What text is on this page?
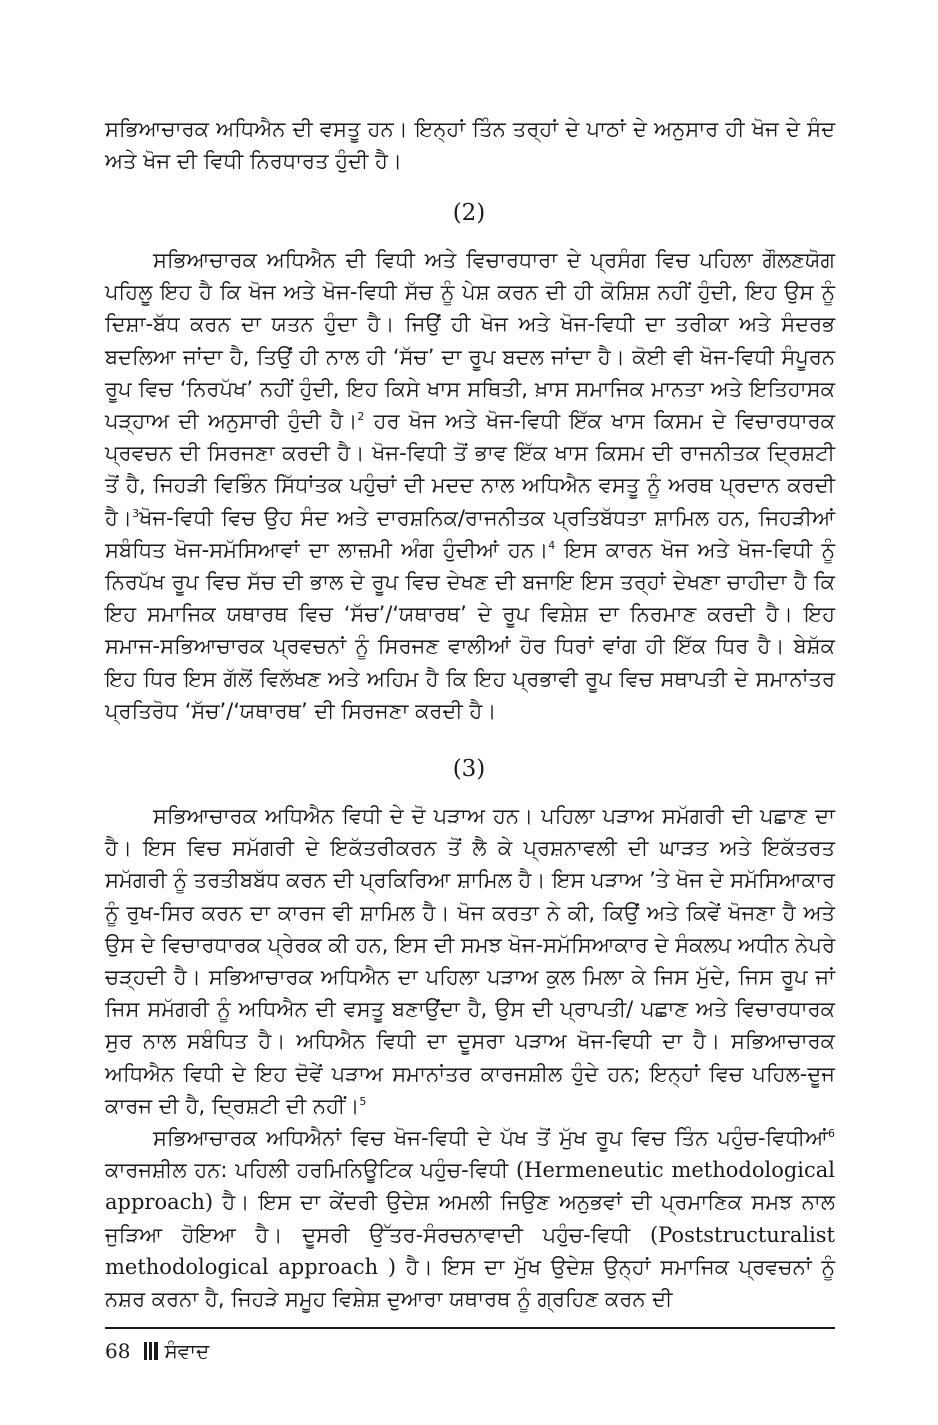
ਸਭਿਆਚਾਰਕ ਅਧਿਐਨ ਦੀ ਵਸਤੂ ਹਨ। ਇਨ੍ਹਾਂ ਤਿੰਨ ਤਰ੍ਹਾਂ ਦੇ ਪਾਠਾਂ ਦੇ ਅਨੁਸਾਰ ਹੀ ਖੋਜ ਦੇ ਸੰਦ ਅਤੇ ਖੋਜ ਦੀ ਵਿਧੀ ਨਿਰਧਾਰਤ ਹੁੰਦੀ ਹੈ।

(2)

ਸਭਿਆਚਾਰਕ ਅਧਿਐਨ ਦੀ ਵਿਧੀ ਅਤੇ ਵਿਚਾਰਧਾਰਾ ਦੇ ਪ੍ਰਸੰਗ ਵਿਚ ਪਹਿਲਾ ਗੌਲਣਯੋਗ ਪਹਿਲੂ ਇਹ ਹੈ ਕਿ ਖੋਜ ਅਤੇ ਖੋਜ-ਵਿਧੀ ਸੱਚ ਨੂੰ ਪੇਸ਼ ਕਰਨ ਦੀ ਹੀ ਕੋਸ਼ਿਸ਼ ਨਹੀਂ ਹੁੰਦੀ, ਇਹ ਉਸ ਨੂੰ ਦਿਸ਼ਾ-ਬੱਧ ਕਰਨ ਦਾ ਯਤਨ ਹੁੰਦਾ ਹੈ। ਜਿਉਂ ਹੀ ਖੋਜ ਅਤੇ ਖੋਜ-ਵਿਧੀ ਦਾ ਤਰੀਕਾ ਅਤੇ ਸੰਦਰਭ ਬਦਲਿਆ ਜਾਂਦਾ ਹੈ, ਤਿਉਂ ਹੀ ਨਾਲ ਹੀ ‘ਸੱਚ’ ਦਾ ਰੂਪ ਬਦਲ ਜਾਂਦਾ ਹੈ। ਕੋਈ ਵੀ ਖੋਜ-ਵਿਧੀ ਸੰਪੂਰਨ ਰੂਪ ਵਿਚ ‘ਨਿਰਪੱਖ’ ਨਹੀਂ ਹੁੰਦੀ, ਇਹ ਕਿਸੇ ਖਾਸ ਸਥਿਤੀ, ਖ਼ਾਸ ਸਮਾਜਿਕ ਮਾਨਤਾ ਅਤੇ ਇਤਿਹਾਸਕ ਪੜ੍ਹਾਅ ਦੀ ਅਨੁਸਾਰੀ ਹੁੰਦੀ ਹੈ।$^2$ ਹਰ ਖੋਜ ਅਤੇ ਖੋਜ-ਵਿਧੀ ਇੱਕ ਖਾਸ ਕਿਸਮ ਦੇ ਵਿਚਾਰਧਾਰਕ ਪ੍ਰਵਚਨ ਦੀ ਸਿਰਜਣਾ ਕਰਦੀ ਹੈ। ਖੋਜ-ਵਿਧੀ ਤੋਂ ਭਾਵ ਇੱਕ ਖਾਸ ਕਿਸਮ ਦੀ ਰਾਜਨੀਤਕ ਦ੍ਰਿਸ਼ਟੀ ਤੋਂ ਹੈ, ਜਿਹੜੀ ਵਿਭਿੰਨ ਸਿੱਧਾਂਤਕ ਪਹੁੰਚਾਂ ਦੀ ਮਦਦ ਨਾਲ ਅਧਿਐਨ ਵਸਤੂ ਨੂੰ ਅਰਥ ਪ੍ਰਦਾਨ ਕਰਦੀ ਹੈ।$^3$ਖੋਜ-ਵਿਧੀ ਵਿਚ ਉਹ ਸੰਦ ਅਤੇ ਦਾਰਸ਼ਨਿਕ/ਰਾਜਨੀਤਕ ਪ੍ਰਤਿਬੱਧਤਾ ਸ਼ਾਮਿਲ ਹਨ, ਜਿਹੜੀਆਂ ਸਬੰਧਿਤ ਖੋਜ-ਸਮੱਸਿਆਵਾਂ ਦਾ ਲਾਜ਼ਮੀ ਅੰਗ ਹੁੰਦੀਆਂ ਹਨ।$^4$ ਇਸ ਕਾਰਨ ਖੋਜ ਅਤੇ ਖੋਜ-ਵਿਧੀ ਨੂੰ ਨਿਰਪੱਖ ਰੂਪ ਵਿਚ ਸੱਚ ਦੀ ਭਾਲ ਦੇ ਰੂਪ ਵਿਚ ਦੇਖਣ ਦੀ ਬਜਾਇ ਇਸ ਤਰ੍ਹਾਂ ਦੇਖਣਾ ਚਾਹੀਦਾ ਹੈ ਕਿ ਇਹ ਸਮਾਜਿਕ ਯਥਾਰਥ ਵਿਚ ‘ਸੱਚ’/‘ਯਥਾਰਥ’ ਦੇ ਰੂਪ ਵਿਸ਼ੇਸ਼ ਦਾ ਨਿਰਮਾਣ ਕਰਦੀ ਹੈ। ਇਹ ਸਮਾਜ-ਸਭਿਆਚਾਰਕ ਪ੍ਰਵਚਨਾਂ ਨੂੰ ਸਿਰਜਣ ਵਾਲੀਆਂ ਹੋਰ ਧਿਰਾਂ ਵਾਂਗ ਹੀ ਇੱਕ ਧਿਰ ਹੈ। ਬੇਸ਼ੱਕ ਇਹ ਧਿਰ ਇਸ ਗੱਲੋਂ ਵਿਲੱਖਣ ਅਤੇ ਅਹਿਮ ਹੈ ਕਿ ਇਹ ਪ੍ਰਭਾਵੀ ਰੂਪ ਵਿਚ ਸਥਾਪਤੀ ਦੇ ਸਮਾਨਾਂਤਰ ਪ੍ਰਤਿਰੋਧ ‘ਸੱਚ’/‘ਯਥਾਰਥ’ ਦੀ ਸਿਰਜਣਾ ਕਰਦੀ ਹੈ।

(3)

ਸਭਿਆਚਾਰਕ ਅਧਿਐਨ ਵਿਧੀ ਦੇ ਦੋ ਪੜਾਅ ਹਨ। ਪਹਿਲਾ ਪੜਾਅ ਸਮੱਗਰੀ ਦੀ ਪਛਾਣ ਦਾ ਹੈ। ਇਸ ਵਿਚ ਸਮੱਗਰੀ ਦੇ ਇਕੱਤਰੀਕਰਨ ਤੋਂ ਲੈ ਕੇ ਪ੍ਰਸ਼ਨਾਵਲੀ ਦੀ ਘਾੜਤ ਅਤੇ ਇਕੱਤਰਤ ਸਮੱਗਰੀ ਨੂੰ ਤਰਤੀਬਬੱਧ ਕਰਨ ਦੀ ਪ੍ਰਕਿਰਿਆ ਸ਼ਾਮਿਲ ਹੈ। ਇਸ ਪੜਾਅ ’ਤੇ ਖੋਜ ਦੇ ਸਮੱਸਿਆਕਾਰ ਨੂੰ ਰੁਖ-ਸਿਰ ਕਰਨ ਦਾ ਕਾਰਜ ਵੀ ਸ਼ਾਮਿਲ ਹੈ। ਖੋਜ ਕਰਤਾ ਨੇ ਕੀ, ਕਿਉਂ ਅਤੇ ਕਿਵੇਂ ਖੋਜਣਾ ਹੈ ਅਤੇ ਉਸ ਦੇ ਵਿਚਾਰਧਾਰਕ ਪ੍ਰੇਰਕ ਕੀ ਹਨ, ਇਸ ਦੀ ਸਮਝ ਖੋਜ-ਸਮੱਸਿਆਕਾਰ ਦੇ ਸੰਕਲਪ ਅਧੀਨ ਨੇਪਰੇ ਚੜ੍ਹਦੀ ਹੈ। ਸਭਿਆਚਾਰਕ ਅਧਿਐਨ ਦਾ ਪਹਿਲਾ ਪੜਾਅ ਕੁਲ ਮਿਲਾ ਕੇ ਜਿਸ ਮੁੱਦੇ, ਜਿਸ ਰੂਪ ਜਾਂ ਜਿਸ ਸਮੱਗਰੀ ਨੂੰ ਅਧਿਐਨ ਦੀ ਵਸਤੂ ਬਣਾਉਂਦਾ ਹੈ, ਉਸ ਦੀ ਪ੍ਰਾਪਤੀ/ ਪਛਾਣ ਅਤੇ ਵਿਚਾਰਧਾਰਕ ਸੁਰ ਨਾਲ ਸਬੰਧਿਤ ਹੈ। ਅਧਿਐਨ ਵਿਧੀ ਦਾ ਦੂਸਰਾ ਪੜਾਅ ਖੋਜ-ਵਿਧੀ ਦਾ ਹੈ। ਸਭਿਆਚਾਰਕ ਅਧਿਐਨ ਵਿਧੀ ਦੇ ਇਹ ਦੋਵੇਂ ਪੜਾਅ ਸਮਾਨਾਂਤਰ ਕਾਰਜਸ਼ੀਲ ਹੁੰਦੇ ਹਨ; ਇਨ੍ਹਾਂ ਵਿਚ ਪਹਿਲ-ਦੂਜ ਕਾਰਜ ਦੀ ਹੈ, ਦ੍ਰਿਸ਼ਟੀ ਦੀ ਨਹੀਂ।$^5$

ਸਭਿਆਚਾਰਕ ਅਧਿਐਨਾਂ ਵਿਚ ਖੋਜ-ਵਿਧੀ ਦੇ ਪੱਖ ਤੋਂ ਮੁੱਖ ਰੂਪ ਵਿਚ ਤਿੰਨ ਪਹੁੰਚ-ਵਿਧੀਆਂ$^6$ ਕਾਰਜਸ਼ੀਲ ਹਨ: ਪਹਿਲੀ ਹਰਮਿਨਿਊਟਿਕ ਪਹੁੰਚ-ਵਿਧੀ (Hermeneutic methodological approach) ਹੈ। ਇਸ ਦਾ ਕੇਂਦਰੀ ਉਦੇਸ਼ ਅਮਲੀ ਜਿਉਣ ਅਨੁਭਵਾਂ ਦੀ ਪ੍ਰਮਾਣਿਕ ਸਮਝ ਨਾਲ ਜੁੜਿਆ ਹੋਇਆ ਹੈ। ਦੂਸਰੀ ਉੱਤਰ-ਸੰਰਚਨਾਵਾਦੀ ਪਹੁੰਚ-ਵਿਧੀ (Poststructuralist methodological approach ) ਹੈ। ਇਸ ਦਾ ਮੁੱਖ ਉਦੇਸ਼ ਉਨ੍ਹਾਂ ਸਮਾਜਿਕ ਪ੍ਰਵਚਨਾਂ ਨੂੰ ਨਸ਼ਰ ਕਰਨਾ ਹੈ, ਜਿਹੜੇ ਸਮੂਹ ਵਿਸ਼ੇਸ਼ ਦੁਆਰਾ ਯਥਾਰਥ ਨੂੰ ਗ੍ਰਹਿਣ ਕਰਨ ਦੀ

68 ਸੰਵਾਦ
